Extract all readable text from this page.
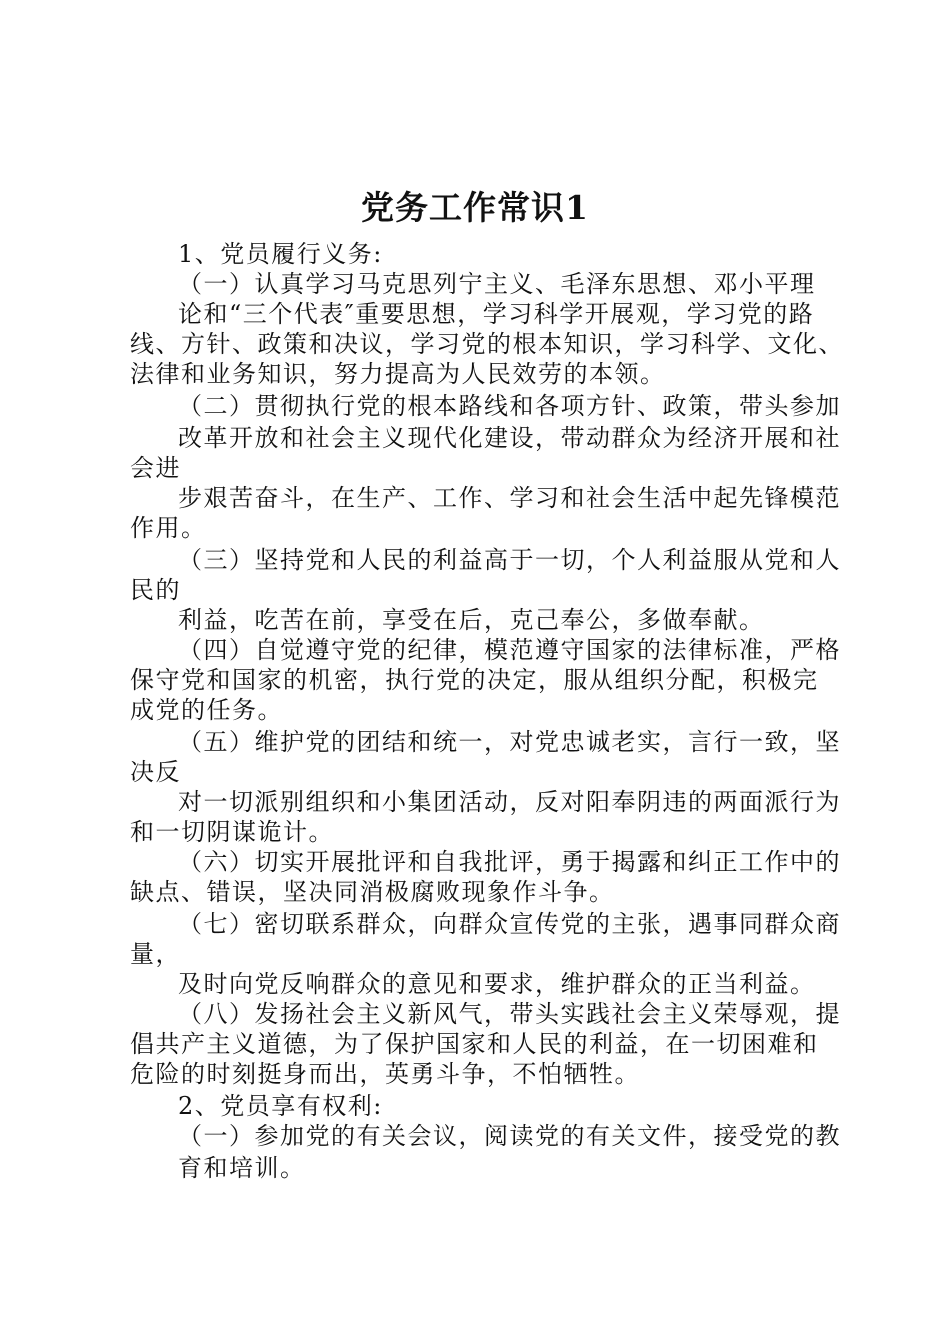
党务工作常识1
1、党员履行义务:
（一）认真学习马克思列宁主义、毛泽东思想、邓小平理
论和“三个代表″重要思想，学习科学开展观，学习党的路
线、方针、政策和决议，学习党的根本知识，学习科学、文化、
法律和业务知识，努力提高为人民效劳的本领。
（二）贯彻执行党的根本路线和各项方针、政策，带头参加
改革开放和社会主义现代化建设，带动群众为经济开展和社
会进
步艰苦奋斗，在生产、工作、学习和社会生活中起先锋模范
作用。
（三）坚持党和人民的利益高于一切，个人利益服从党和人
民的
利益，吃苦在前，享受在后，克己奉公，多做奉献。
（四）自觉遵守党的纪律，模范遵守国家的法律标准，严格
保守党和国家的机密，执行党的决定，服从组织分配，积极完
成党的任务。
（五）维护党的团结和统一，对党忠诚老实，言行一致，坚
决反
对一切派别组织和小集团活动，反对阳奉阴违的两面派行为
和一切阴谋诡计。
（六）切实开展批评和自我批评，勇于揭露和纠正工作中的
缺点、错误，坚决同消极腐败现象作斗争。
（七）密切联系群众，向群众宣传党的主张，遇事同群众商
量，
及时向党反响群众的意见和要求，维护群众的正当利益。
（八）发扬社会主义新风气，带头实践社会主义荣辱观，提
倡共产主义道德，为了保护国家和人民的利益，在一切困难和
危险的时刻挺身而出，英勇斗争，不怕牺牲。
2、党员享有权利:
（一）参加党的有关会议，阅读党的有关文件，接受党的教
育和培训。
